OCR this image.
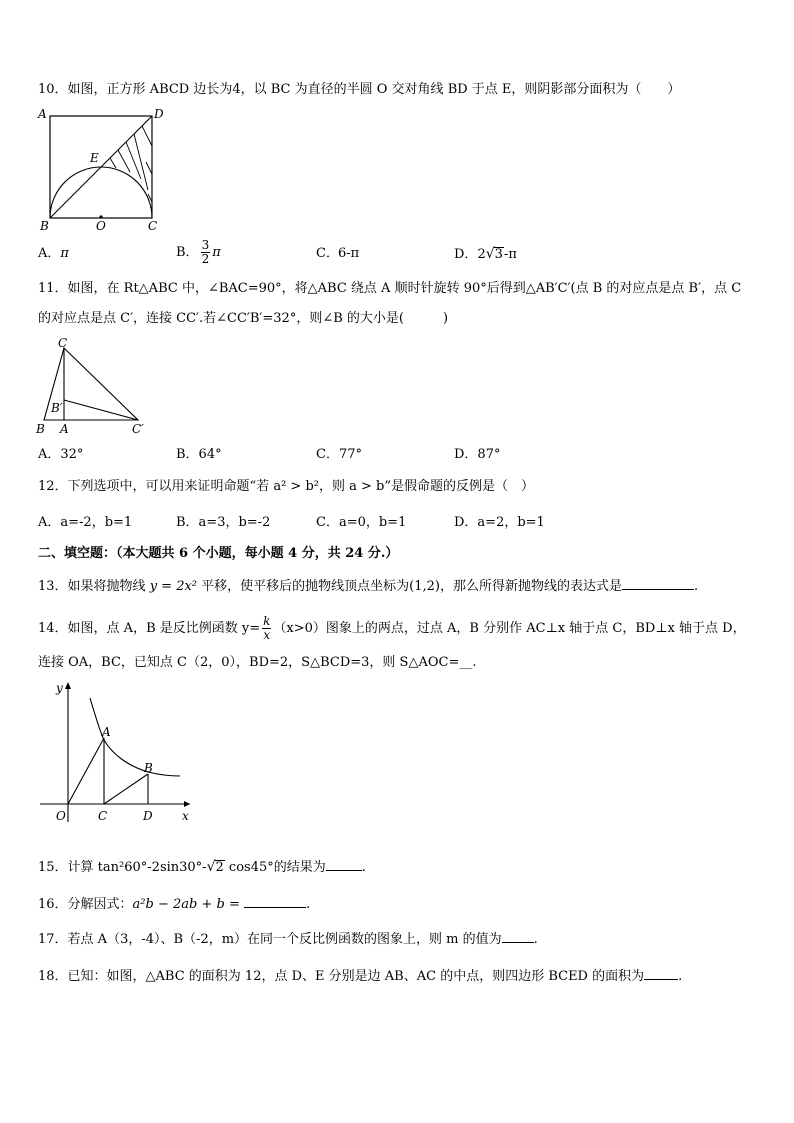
10．如图，正方形 ABCD 边长为4，以 BC 为直径的半圆 O 交对角线 BD 于点 E，则阴影部分面积为（　　）
A	D
E
B	O	C
A．π	B． $\frac{3}{2}$ π	C． 6-π	D．2√3-π
11．如图，在 Rt△ABC 中，∠BAC=90°，将△ABC 绕点 A 顺时针旋转 90°后得到△AB′C′(点 B 的对应点是点 B′，点 C
的对应点是点 C′，连接 CC′.若∠CC′B′=32°，则∠B 的大小是(　　　)
C
B′
B A	C′
A．32°	B．64°	C．77°	D．87°
12．下列选项中，可以用来证明命题“若 a² > b²，则 a > b”是假命题的反例是（　）
A．a=-2，b=1	B．a=3，b=-2	C．a=0，b=1	D．a=2，b=1
二、填空题：（本大题共 6 个小题，每小题 4 分，共 24 分.）
13．如果将抛物线 y = 2x² 平移，使平移后的抛物线顶点坐标为(1,2)，那么所得新抛物线的表达式是	.
14．如图，点 A，B 是反比例函数 $y= \frac{k}{x} (x>0)$图象上的两点，过点 A，B 分别作 AC⊥x 轴于点 C，BD⊥x 轴于点 D，
连接 OA，BC，已知点 C（2，0），BD=2，S△BCD=3，则 S△AOC=__.
y
A
B
O	C	D x
15．计算 tan²60°-2sin30°-√2 cos45°的结果为	.
16．分解因式：a²b − 2ab + b =	.
17．若点 A（3，-4）、B（-2，m）在同一个反比例函数的图象上，则 m 的值为 .
18．已知：如图，△ABC 的面积为 12，点 D、E 分别是边 AB、AC 的中点，则四边形 BCED 的面积为	.
